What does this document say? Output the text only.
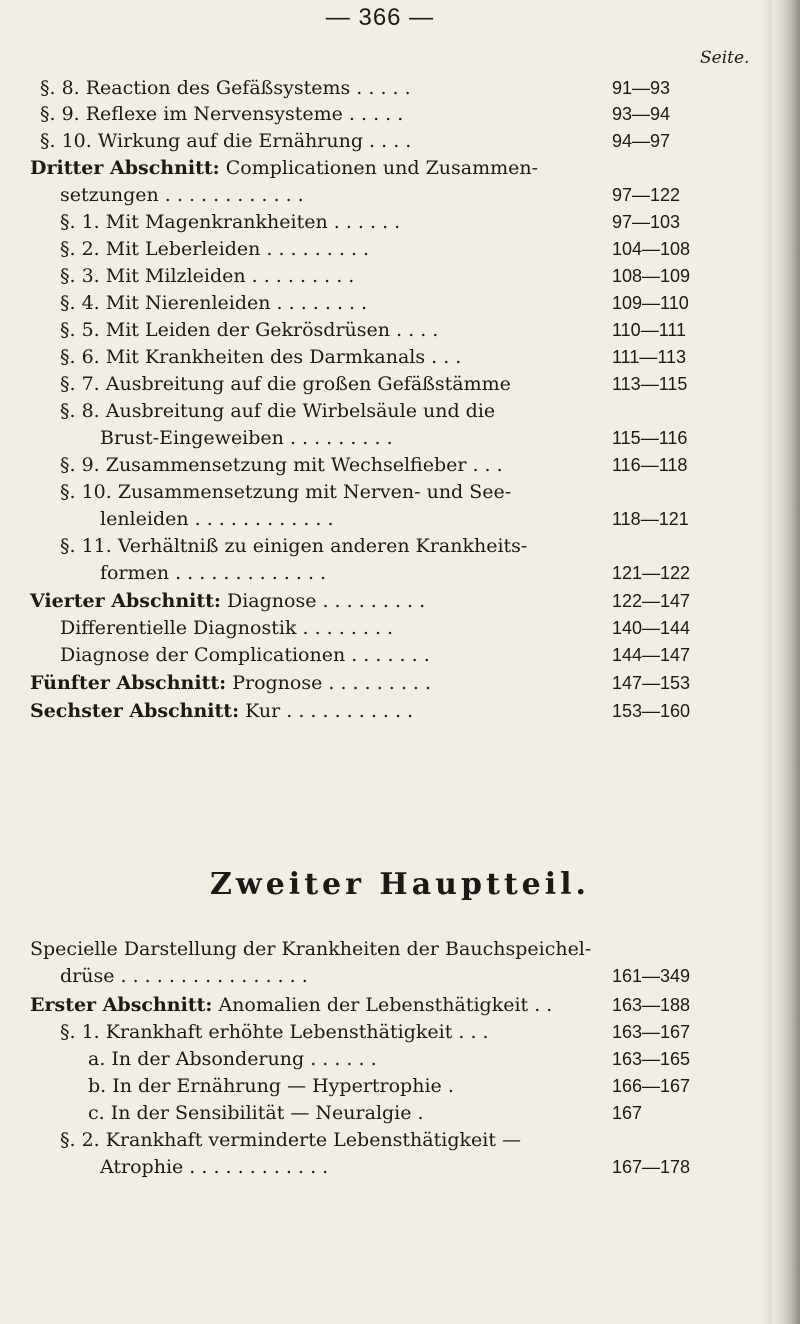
— 366 —
Seite.
§. 8. Reaction des Gefäßsystems . . . . .	91—93
§. 9. Reflexe im Nervensysteme . . . . .	93—94
§. 10. Wirkung auf die Ernährung . . . .	94—97
Dritter Abschnitt: Complicationen und Zusammen-
setzungen . . . . . . . . . . . .	97—122
§. 1. Mit Magenkrankheiten . . . . . .	97—103
§. 2. Mit Leberleiden . . . . . . . . .	104—108
§. 3. Mit Milzleiden . . . . . . . . .	108—109
§. 4. Mit Nierenleiden . . . . . . . .	109—110
§. 5. Mit Leiden der Gekrösdrüsen . . . .	110—111
§. 6. Mit Krankheiten des Darmkanals . . .	111—113
§. 7. Ausbreitung auf die großen Gefäßstämme	113—115
§. 8. Ausbreitung auf die Wirbelsäule und die
Brust-Eingeweiben . . . . . . . . .	115—116
§. 9. Zusammensetzung mit Wechselfieber . . .	116—118
§. 10. Zusammensetzung mit Nerven- und See-
lenleiden . . . . . . . . . . . .	118—121
§. 11. Verhältniß zu einigen anderen Krankheits-
formen . . . . . . . . . . . . .	121—122
Vierter Abschnitt: Diagnose . . . . . . . . .	122—147
Differentielle Diagnostik . . . . . . . .	140—144
Diagnose der Complicationen . . . . . . .	144—147
Fünfter Abschnitt: Prognose . . . . . . . . .	147—153
Sechster Abschnitt: Kur . . . . . . . . . . .	153—160
Zweiter Hauptteil.
Specielle Darstellung der Krankheiten der Bauchspeichel-
drüse . . . . . . . . . . . . . . . .	161—349
Erster Abschnitt: Anomalien der Lebensthätigkeit . .	163—188
§. 1. Krankhaft erhöhte Lebensthätigkeit . . .	163—167
a. In der Absonderung . . . . . .	163—165
b. In der Ernährung — Hypertrophie .	166—167
c. In der Sensibilität — Neuralgie .	167
§. 2. Krankhaft verminderte Lebensthätigkeit —
Atrophie . . . . . . . . . . . .	167—178
